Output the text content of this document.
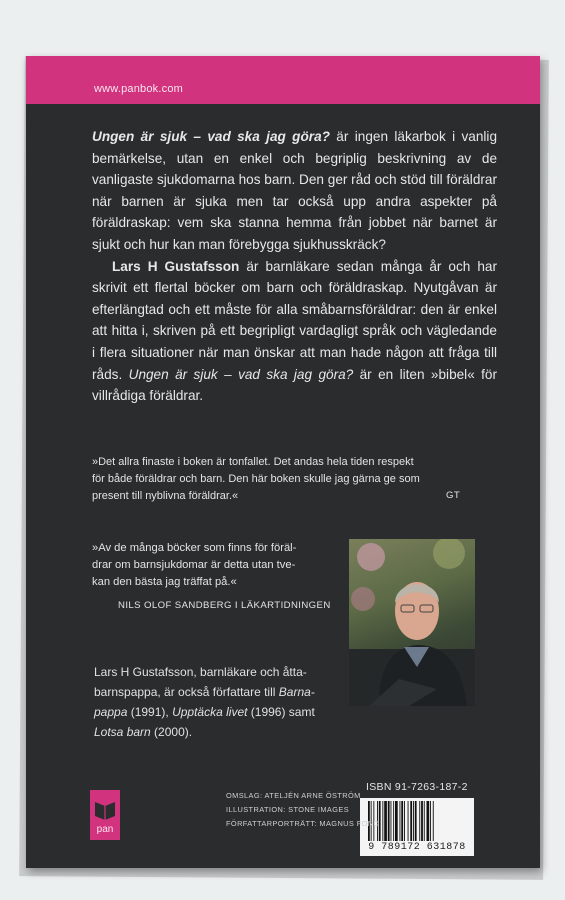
www.panbok.com

Ungen är sjuk – vad ska jag göra? är ingen läkarbok i vanlig bemärkelse, utan en enkel och begriplig beskrivning av de vanligaste sjukdomarna hos barn. Den ger råd och stöd till föräldrar när barnen är sjuka men tar också upp andra aspekter på föräldraskap: vem ska stanna hemma från jobbet när barnet är sjukt och hur kan man förebygga sjukhusskräck?

Lars H Gustafsson är barnläkare sedan många år och har skrivit ett flertal böcker om barn och föräldraskap. Nyutgåvan är efterlängtad och ett måste för alla småbarnsföräldrar: den är enkel att hitta i, skriven på ett begripligt vardagligt språk och vägledande i flera situationer när man önskar att man hade någon att fråga till råds. Ungen är sjuk – vad ska jag göra? är en liten »bibel« för villrådiga föräldrar.

»Det allra finaste i boken är tonfallet. Det andas hela tiden respekt
för både föräldrar och barn. Den här boken skulle jag gärna ge som
present till nyblivna föräldrar.«	GT
»Av de många böcker som finns för föräl-
drar om barnsjukdomar är detta utan tve-
kan den bästa jag träffat på.«
NILS OLOF SANDBERG I LÄKARTIDNINGEN
Lars H Gustafsson, barnläkare och åtta-
barnspappa, är också författare till Barna-
pappa (1991), Upptäcka livet (1996) samt
Lotsa barn (2000).
ISBN 91-7263-187-2
9 789172 631878
OMSLAG: ATELJÉN ARNE ÖSTRÖM
ILLUSTRATION: STONE IMAGES
FÖRFATTARPORTRÄTT: MAGNUS FOND
pan
